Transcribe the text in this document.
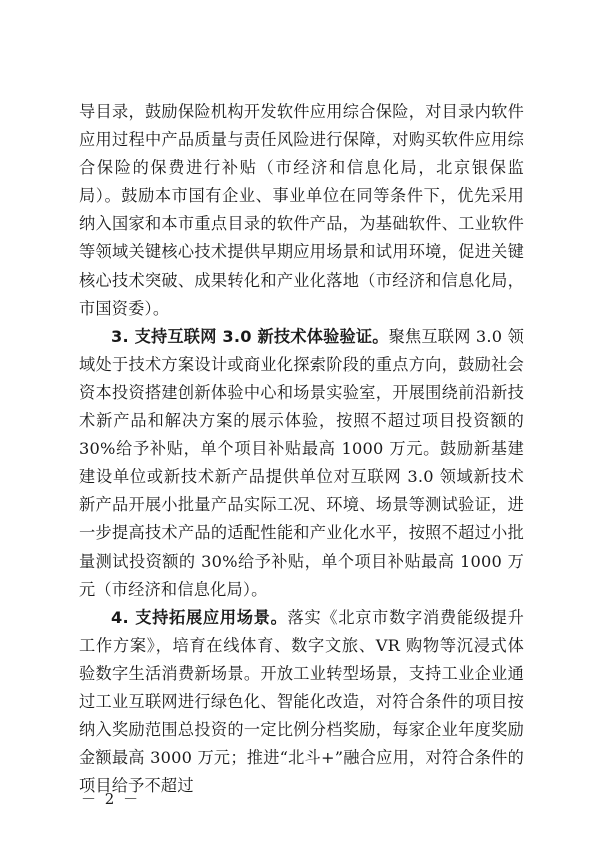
导目录，鼓励保险机构开发软件应用综合保险，对目录内软件应用过程中产品质量与责任风险进行保障，对购买软件应用综合保险的保费进行补贴（市经济和信息化局，北京银保监局）。鼓励本市国有企业、事业单位在同等条件下，优先采用纳入国家和本市重点目录的软件产品，为基础软件、工业软件等领域关键核心技术提供早期应用场景和试用环境，促进关键核心技术突破、成果转化和产业化落地（市经济和信息化局，市国资委）。

3. 支持互联网 3.0 新技术体验验证。聚焦互联网 3.0 领域处于技术方案设计或商业化探索阶段的重点方向，鼓励社会资本投资搭建创新体验中心和场景实验室，开展围绕前沿新技术新产品和解决方案的展示体验，按照不超过项目投资额的 30%给予补贴，单个项目补贴最高 1000 万元。鼓励新基建建设单位或新技术新产品提供单位对互联网 3.0 领域新技术新产品开展小批量产品实际工况、环境、场景等测试验证，进一步提高技术产品的适配性能和产业化水平，按照不超过小批量测试投资额的 30%给予补贴，单个项目补贴最高 1000 万元（市经济和信息化局）。

4. 支持拓展应用场景。落实《北京市数字消费能级提升工作方案》，培育在线体育、数字文旅、VR 购物等沉浸式体验数字生活消费新场景。开放工业转型场景，支持工业企业通过工业互联网进行绿色化、智能化改造，对符合条件的项目按纳入奖励范围总投资的一定比例分档奖励，每家企业年度奖励金额最高 3000 万元；推进“北斗+”融合应用，对符合条件的项目给予不超过

－ 2 －
